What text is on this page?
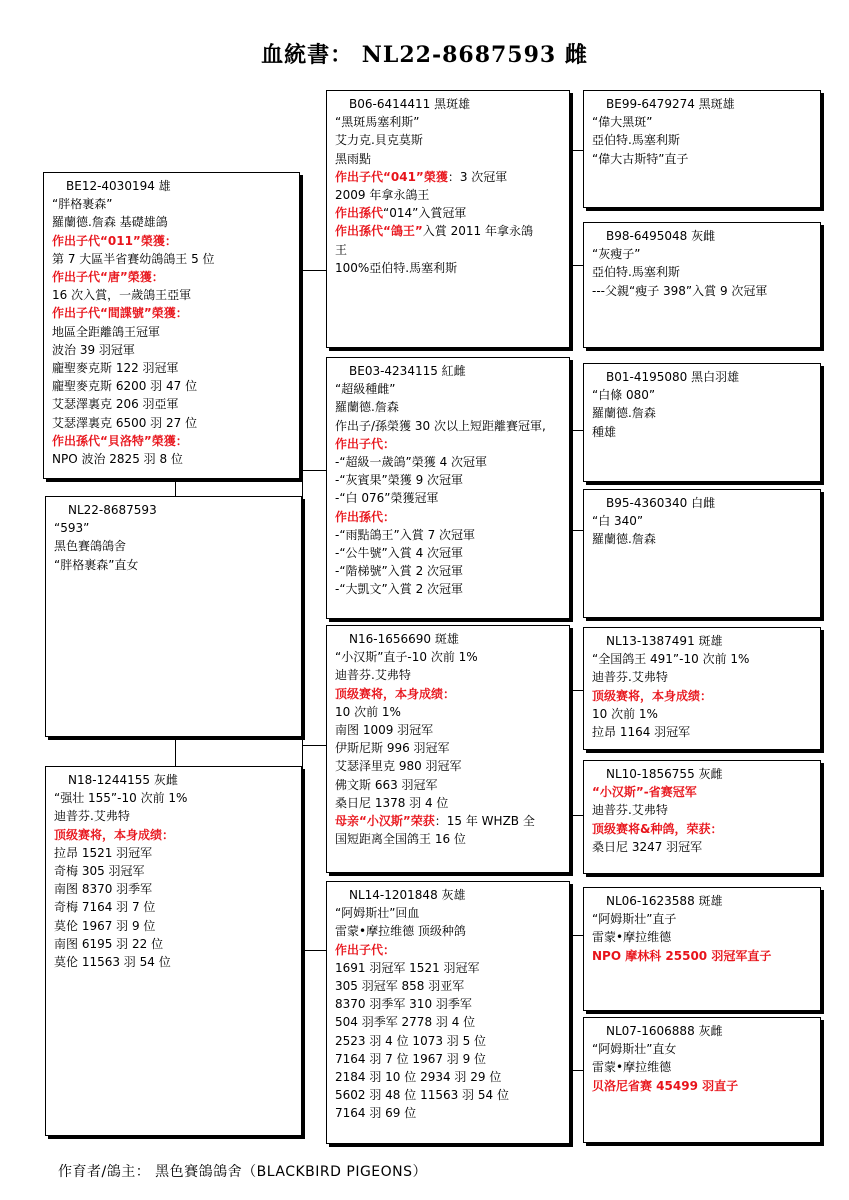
血統書： NL22-8687593 雌
BE12-4030194 雄
“胖格裹森”
羅蘭德.詹森 基礎雄鴿
作出子代“011”榮獲：
第 7 大區半省賽幼鴿鴿王 5 位
作出子代“唐”榮獲：
16 次入賞，一歲鴿王亞軍
作出子代“間諜號”榮獲：
地區全距離鴿王冠軍
波治 39 羽冠軍
龐聖麥克斯 122 羽冠軍
龐聖麥克斯 6200 羽 47 位
艾瑟澤裏克 206 羽亞軍
艾瑟澤裏克 6500 羽 27 位
作出孫代“貝洛特”榮獲：
NPO 波治 2825 羽 8 位
NL22-8687593
“593”
黑色賽鴿鴿舍
“胖格裹森”直女
N18-1244155 灰雌
“强壮 155”-10 次前 1%
迪普芬.艾弗特
顶级赛将，本身成绩：
拉昂 1521 羽冠军
奇梅 305 羽冠军
南图 8370 羽季军
奇梅 7164 羽 7 位
莫伦 1967 羽 9 位
南图 6195 羽 22 位
莫伦 11563 羽 54 位
B06-6414411 黑斑雄
“黑斑馬塞利斯”
艾力克.貝克莫斯
黑雨點
作出子代“041”榮獲：3 次冠軍
2009 年拿永鴿王
作出孫代“014”入賞冠軍
作出孫代“鴿王”入賞 2011 年拿永鴿
王
100%亞伯特.馬塞利斯
BE03-4234115 紅雌
“超級種雌”
羅蘭德.詹森
作出子/孫榮獲 30 次以上短距離賽冠軍,
作出子代：
-“超級一歲鴿”榮獲 4 次冠軍
-“灰賓果”榮獲 9 次冠軍
-“白 076”榮獲冠軍
作出孫代：
-“雨點鴿王”入賞 7 次冠軍
-“公牛號”入賞 4 次冠軍
-“階梯號”入賞 2 次冠軍
-“大凱文”入賞 2 次冠軍
N16-1656690 斑雄
“小汉斯”直子-10 次前 1%
迪普芬.艾弗特
顶级赛将，本身成绩：
10 次前 1%
南图 1009 羽冠军
伊斯尼斯 996 羽冠军
艾瑟泽里克 980 羽冠军
佛文斯 663 羽冠军
桑日尼 1378 羽 4 位
母亲“小汉斯”荣获：15 年 WHZB 全
国短距离全国鸽王 16 位
NL14-1201848 灰雄
“阿姆斯壮”回血
雷蒙•摩拉维德 顶级种鸽
作出子代：
1691 羽冠军 1521 羽冠军
305 羽冠军 858 羽亚军
8370 羽季军 310 羽季军
504 羽季军 2778 羽 4 位
2523 羽 4 位 1073 羽 5 位
7164 羽 7 位 1967 羽 9 位
2184 羽 10 位 2934 羽 29 位
5602 羽 48 位 11563 羽 54 位
7164 羽 69 位
BE99-6479274 黑斑雄
“偉大黑斑”
亞伯特.馬塞利斯
“偉大古斯特”直子
B98-6495048 灰雌
“灰瘦子”
亞伯特.馬塞利斯
---父親“瘦子 398”入賞 9 次冠軍
B01-4195080 黑白羽雄
“白條 080”
羅蘭德.詹森
種雄
B95-4360340 白雌
“白 340”
羅蘭德.詹森
NL13-1387491 斑雄
“全国鸽王 491”-10 次前 1%
迪普芬.艾弗特
顶级赛将，本身成绩：
10 次前 1%
拉昂 1164 羽冠军
NL10-1856755 灰雌
“小汉斯”-省赛冠军
迪普芬.艾弗特
顶级赛将&种鸽，荣获：
桑日尼 3247 羽冠军
NL06-1623588 斑雄
“阿姆斯壮”直子
雷蒙•摩拉维德
NPO 摩林科 25500 羽冠军直子
NL07-1606888 灰雌
“阿姆斯壮”直女
雷蒙•摩拉维德
贝洛尼省赛 45499 羽直子
作育者/鴿主： 黑色賽鴿鴿舍（BLACKBIRD PIGEONS）
